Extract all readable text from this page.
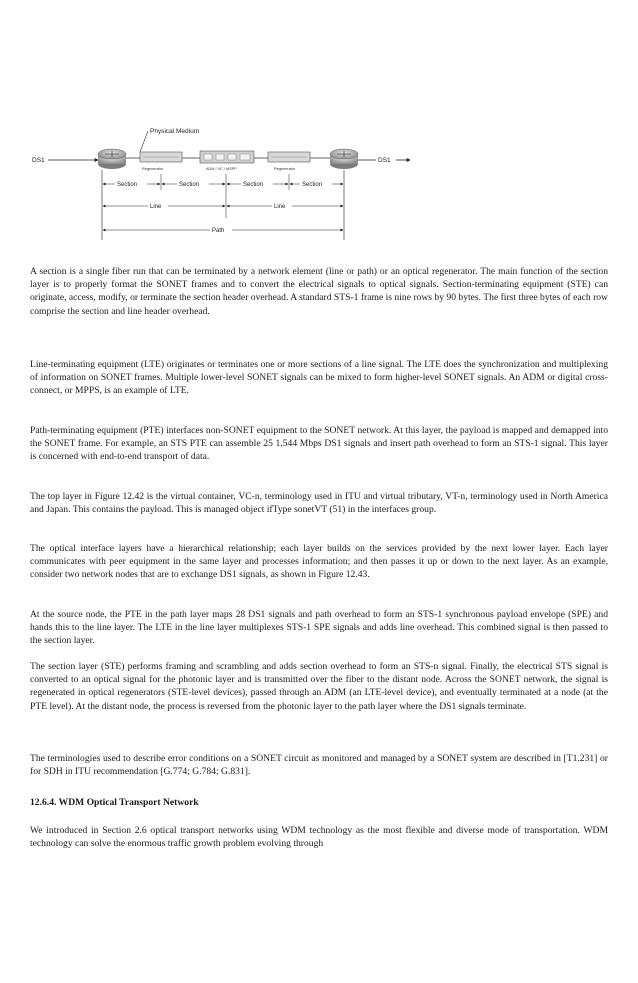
Physical Medium
DS1
Regenerator	ADM / XC / MSPP	Regenerator
DS1
Section	Section	Section	Section
Line	Line
Path

A section is a single fiber run that can be terminated by a network element (line or path) or an optical regenerator. The main function of the section layer is to properly format the SONET frames and to convert the electrical signals to optical signals. Section-terminating equipment (STE) can originate, access, modify, or terminate the section header overhead. A standard STS-1 frame is nine rows by 90 bytes. The first three bytes of each row comprise the section and line header overhead.

Line-terminating equipment (LTE) originates or terminates one or more sections of a line signal. The LTE does the synchronization and multiplexing of information on SONET frames. Multiple lower-level SONET signals can be mixed to form higher-level SONET signals. An ADM or digital cross-connect, or MPPS, is an example of LTE.

Path-terminating equipment (PTE) interfaces non-SONET equipment to the SONET network. At this layer, the payload is mapped and demapped into the SONET frame. For example, an STS PTE can assemble 25 1.544 Mbps DS1 signals and insert path overhead to form an STS-1 signal. This layer is concerned with end-to-end transport of data.

The top layer in Figure 12.42 is the virtual container, VC-n, terminology used in ITU and virtual tributary, VT-n, terminology used in North America and Japan. This contains the payload. This is managed object ifType sonetVT (51) in the interfaces group.

The optical interface layers have a hierarchical relationship; each layer builds on the services provided by the next lower layer. Each layer communicates with peer equipment in the same layer and processes information; and then passes it up or down to the next layer. As an example, consider two network nodes that are to exchange DS1 signals, as shown in Figure 12.43.

At the source node, the PTE in the path layer maps 28 DS1 signals and path overhead to form an STS-1 synchronous payload envelope (SPE) and hands this to the line layer. The LTE in the line layer multiplexes STS-1 SPE signals and adds line overhead. This combined signal is then passed to the section layer.

The section layer (STE) performs framing and scrambling and adds section overhead to form an STS-n signal. Finally, the electrical STS signal is converted to an optical signal for the photonic layer and is transmitted over the fiber to the distant node. Across the SONET network, the signal is regenerated in optical regenerators (STE-level devices), passed through an ADM (an LTE-level device), and eventually terminated at a node (at the PTE level). At the distant node, the process is reversed from the photonic layer to the path layer where the DS1 signals terminate.

The terminologies used to describe error conditions on a SONET circuit as monitored and managed by a SONET system are described in [T1.231] or for SDH in ITU recommendation [G.774; G.784; G.831].

12.6.4. WDM Optical Transport Network

We introduced in Section 2.6 optical transport networks using WDM technology as the most flexible and diverse mode of transportation. WDM technology can solve the enormous traffic growth problem evolving through
